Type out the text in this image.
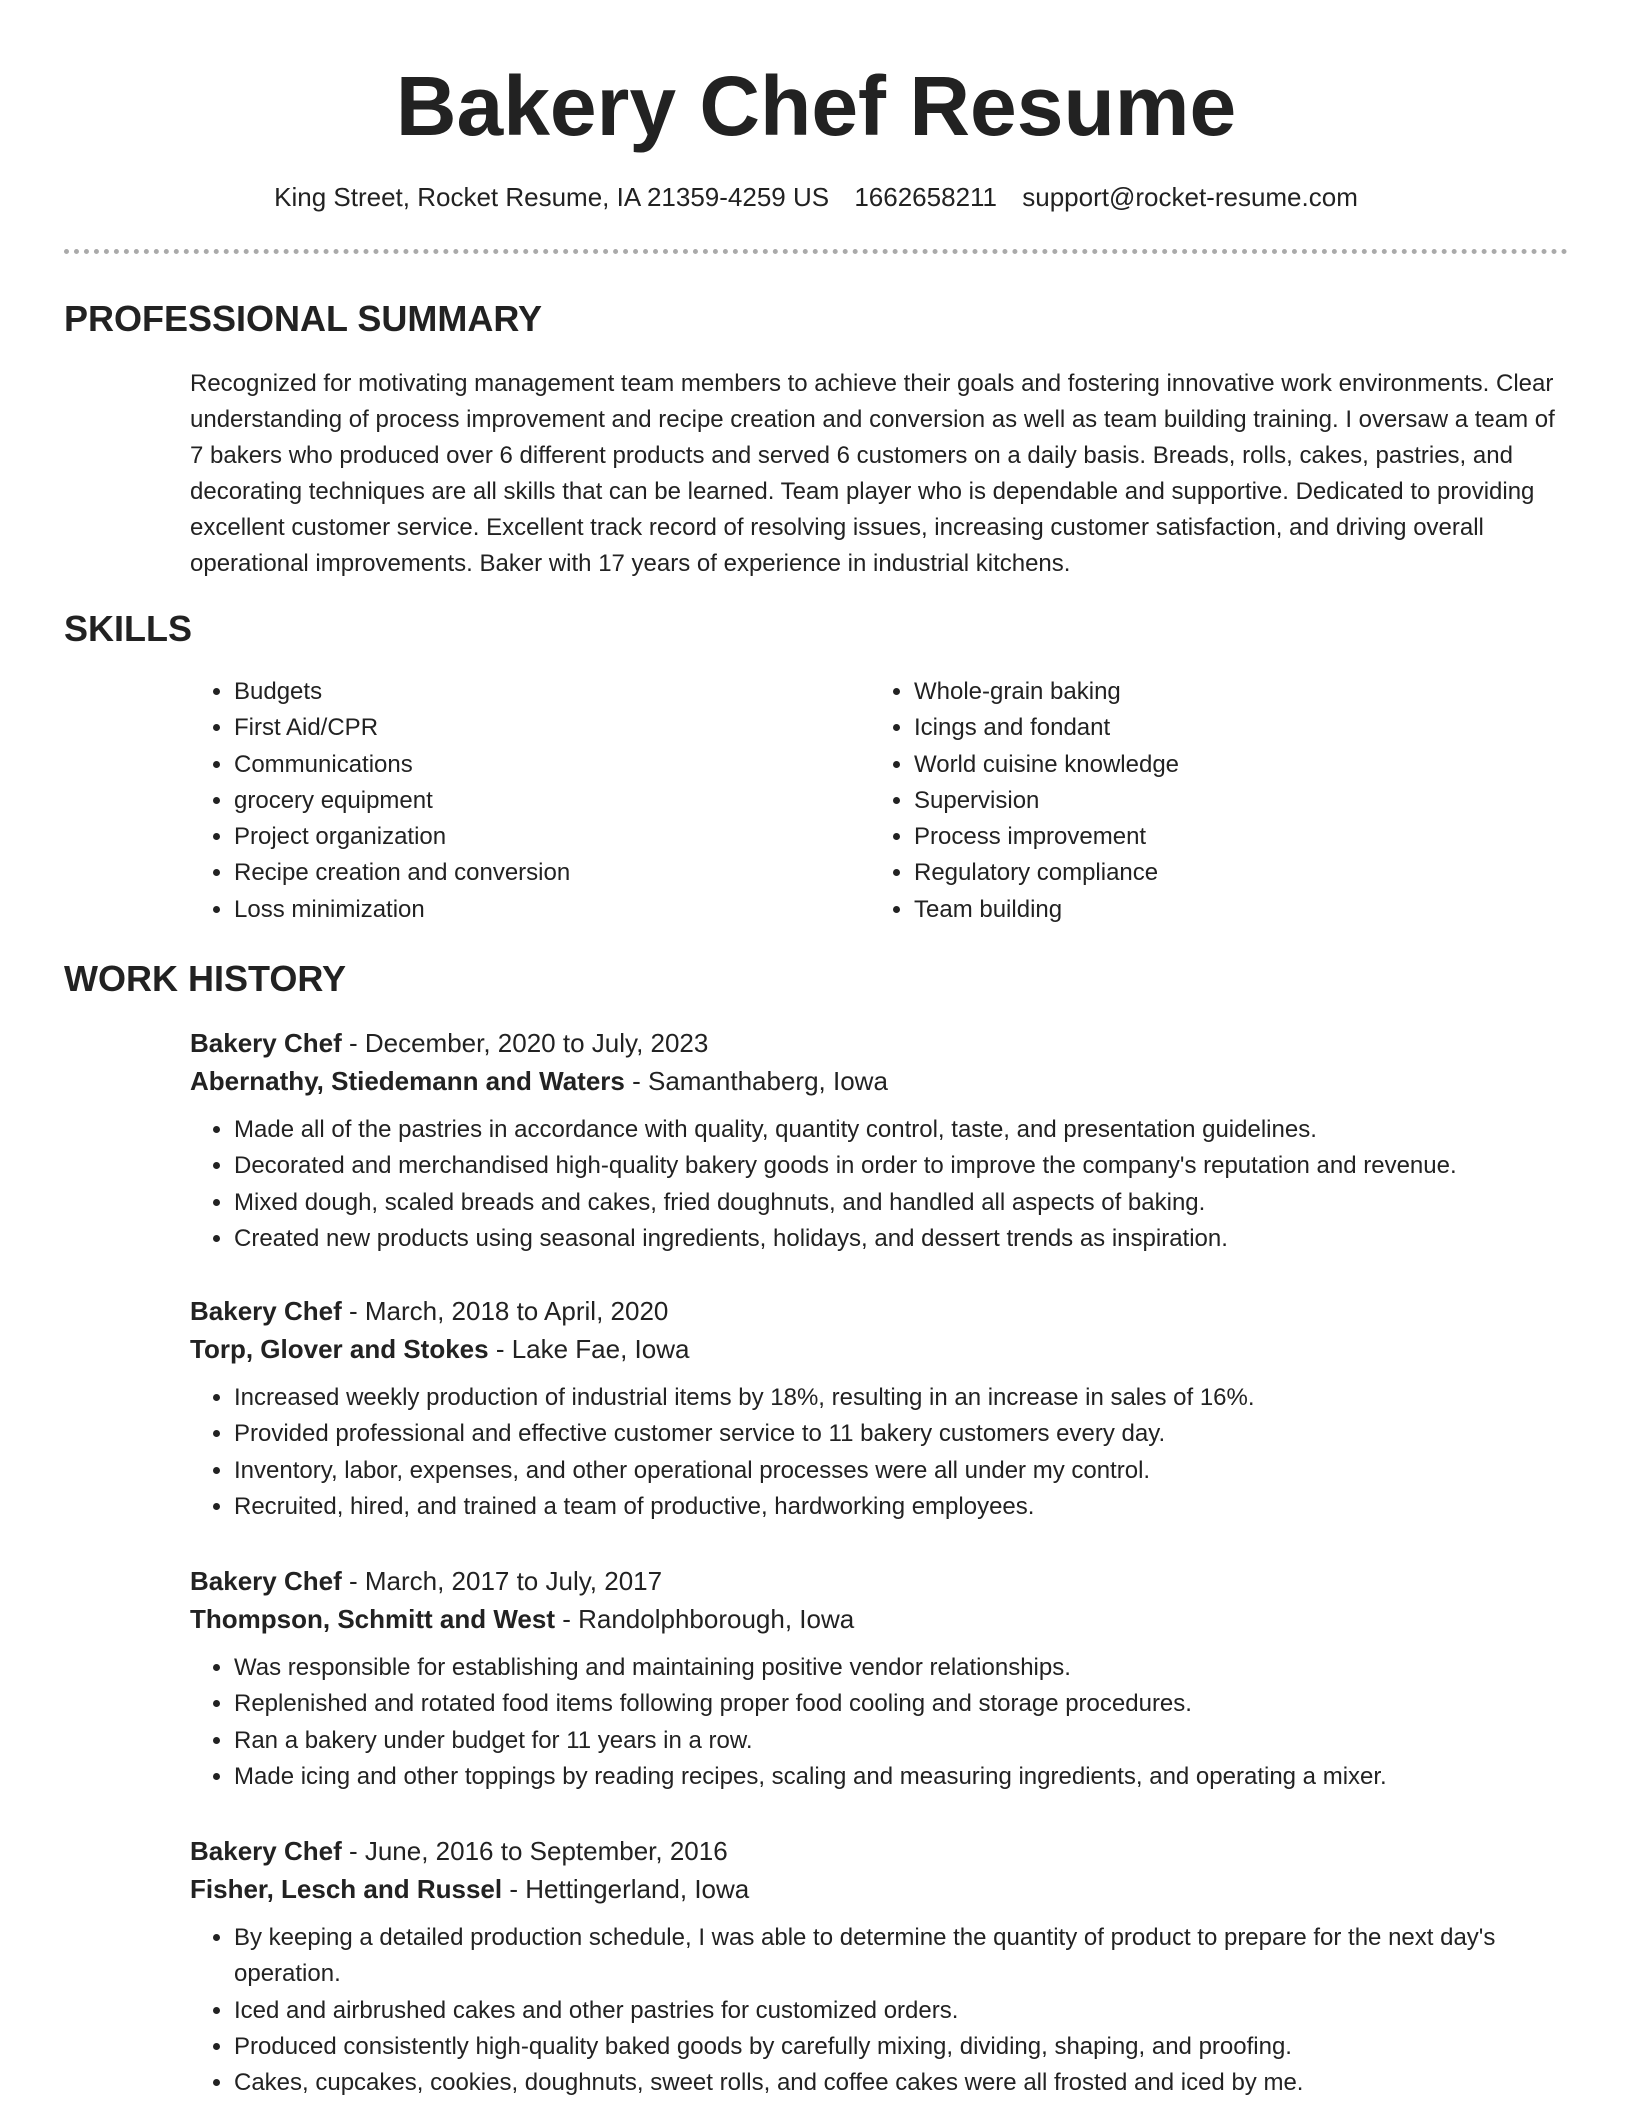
Bakery Chef Resume
King Street, Rocket Resume, IA 21359-4259 US 1662658211 support@rocket-resume.com
PROFESSIONAL SUMMARY
Recognized for motivating management team members to achieve their goals and fostering innovative work environments. Clear understanding of process improvement and recipe creation and conversion as well as team building training. I oversaw a team of 7 bakers who produced over 6 different products and served 6 customers on a daily basis. Breads, rolls, cakes, pastries, and decorating techniques are all skills that can be learned. Team player who is dependable and supportive. Dedicated to providing excellent customer service. Excellent track record of resolving issues, increasing customer satisfaction, and driving overall operational improvements. Baker with 17 years of experience in industrial kitchens.
SKILLS
• Budgets
• First Aid/CPR
• Communications
• grocery equipment
• Project organization
• Recipe creation and conversion
• Loss minimization
• Whole-grain baking
• Icings and fondant
• World cuisine knowledge
• Supervision
• Process improvement
• Regulatory compliance
• Team building
WORK HISTORY
Bakery Chef - December, 2020 to July, 2023
Abernathy, Stiedemann and Waters - Samanthaberg, Iowa
• Made all of the pastries in accordance with quality, quantity control, taste, and presentation guidelines.
• Decorated and merchandised high-quality bakery goods in order to improve the company's reputation and revenue.
• Mixed dough, scaled breads and cakes, fried doughnuts, and handled all aspects of baking.
• Created new products using seasonal ingredients, holidays, and dessert trends as inspiration.
Bakery Chef - March, 2018 to April, 2020
Torp, Glover and Stokes - Lake Fae, Iowa
• Increased weekly production of industrial items by 18%, resulting in an increase in sales of 16%.
• Provided professional and effective customer service to 11 bakery customers every day.
• Inventory, labor, expenses, and other operational processes were all under my control.
• Recruited, hired, and trained a team of productive, hardworking employees.
Bakery Chef - March, 2017 to July, 2017
Thompson, Schmitt and West - Randolphborough, Iowa
• Was responsible for establishing and maintaining positive vendor relationships.
• Replenished and rotated food items following proper food cooling and storage procedures.
• Ran a bakery under budget for 11 years in a row.
• Made icing and other toppings by reading recipes, scaling and measuring ingredients, and operating a mixer.
Bakery Chef - June, 2016 to September, 2016
Fisher, Lesch and Russel - Hettingerland, Iowa
• By keeping a detailed production schedule, I was able to determine the quantity of product to prepare for the next day's operation.
• Iced and airbrushed cakes and other pastries for customized orders.
• Produced consistently high-quality baked goods by carefully mixing, dividing, shaping, and proofing.
• Cakes, cupcakes, cookies, doughnuts, sweet rolls, and coffee cakes were all frosted and iced by me.
